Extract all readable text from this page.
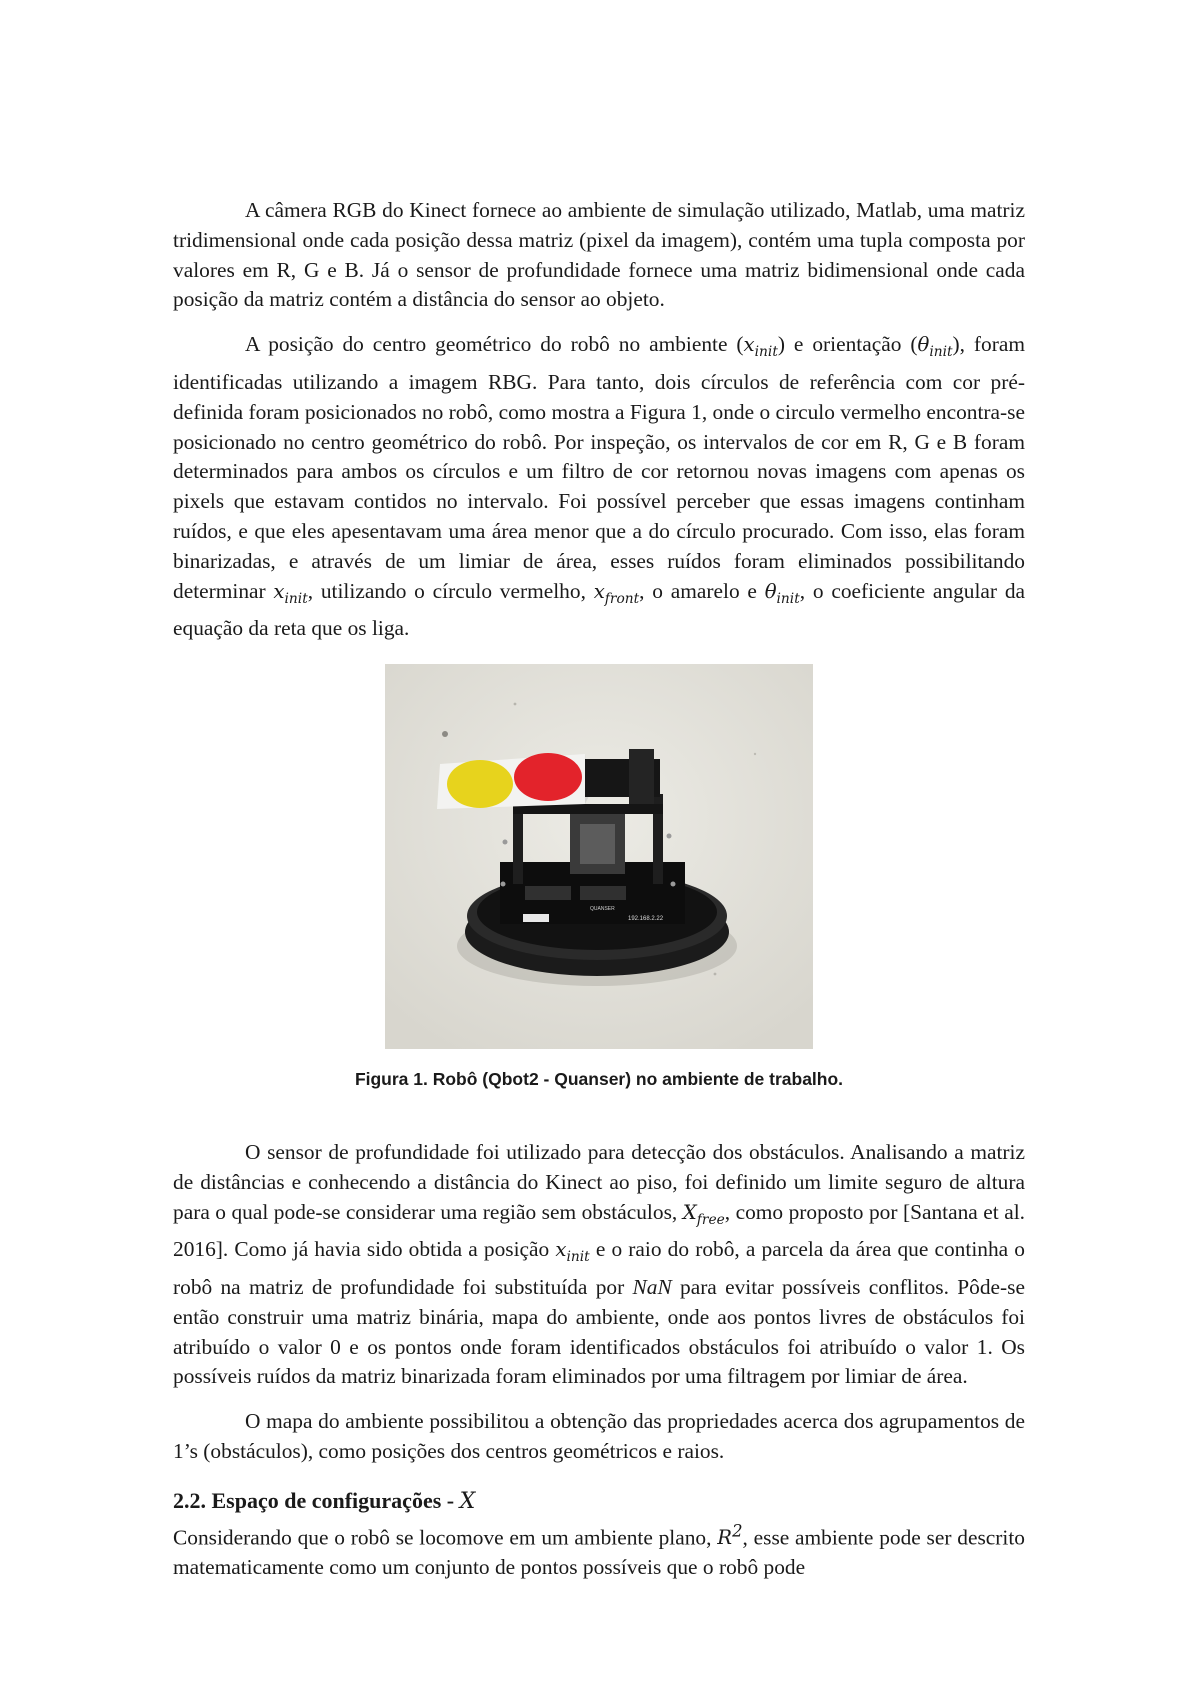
A câmera RGB do Kinect fornece ao ambiente de simulação utilizado, Matlab, uma matriz tridimensional onde cada posição dessa matriz (pixel da imagem), contém uma tupla composta por valores em R, G e B. Já o sensor de profundidade fornece uma matriz bidimensional onde cada posição da matriz contém a distância do sensor ao objeto.

A posição do centro geométrico do robô no ambiente $(x_{init})$ e orientação $(\theta_{init})$, foram identificadas utilizando a imagem RBG. Para tanto, dois círculos de referência com cor pré-definida foram posicionados no robô, como mostra a Figura 1, onde o circulo vermelho encontra-se posicionado no centro geométrico do robô. Por inspeção, os intervalos de cor em R, G e B foram determinados para ambos os círculos e um filtro de cor retornou novas imagens com apenas os pixels que estavam contidos no intervalo. Foi possível perceber que essas imagens continham ruídos, e que eles apesentavam uma área menor que a do círculo procurado. Com isso, elas foram binarizadas, e através de um limiar de área, esses ruídos foram eliminados possibilitando determinar $x_{init}$, utilizando o círculo vermelho, $x_{front}$, o amarelo e $\theta_{init}$, o coeficiente angular da equação da reta que os liga.

192.168.2.22
QUANSER

Figura 1. Robô (Qbot2 - Quanser) no ambiente de trabalho.

O sensor de profundidade foi utilizado para detecção dos obstáculos. Analisando a matriz de distâncias e conhecendo a distância do Kinect ao piso, foi definido um limite seguro de altura para o qual pode-se considerar uma região sem obstáculos, $X_{free}$, como proposto por [Santana et al. 2016]. Como já havia sido obtida a posição $x_{init}$ e o raio do robô, a parcela da área que continha o robô na matriz de profundidade foi substituída por NaN para evitar possíveis conflitos. Pôde-se então construir uma matriz binária, mapa do ambiente, onde aos pontos livres de obstáculos foi atribuído o valor 0 e os pontos onde foram identificados obstáculos foi atribuído o valor 1. Os possíveis ruídos da matriz binarizada foram eliminados por uma filtragem por limiar de área.

O mapa do ambiente possibilitou a obtenção das propriedades acerca dos agrupamentos de 1’s (obstáculos), como posições dos centros geométricos e raios.

2.2. Espaço de configurações - X

Considerando que o robô se locomove em um ambiente plano, $R^2$, esse ambiente pode ser descrito matematicamente como um conjunto de pontos possíveis que o robô pode
